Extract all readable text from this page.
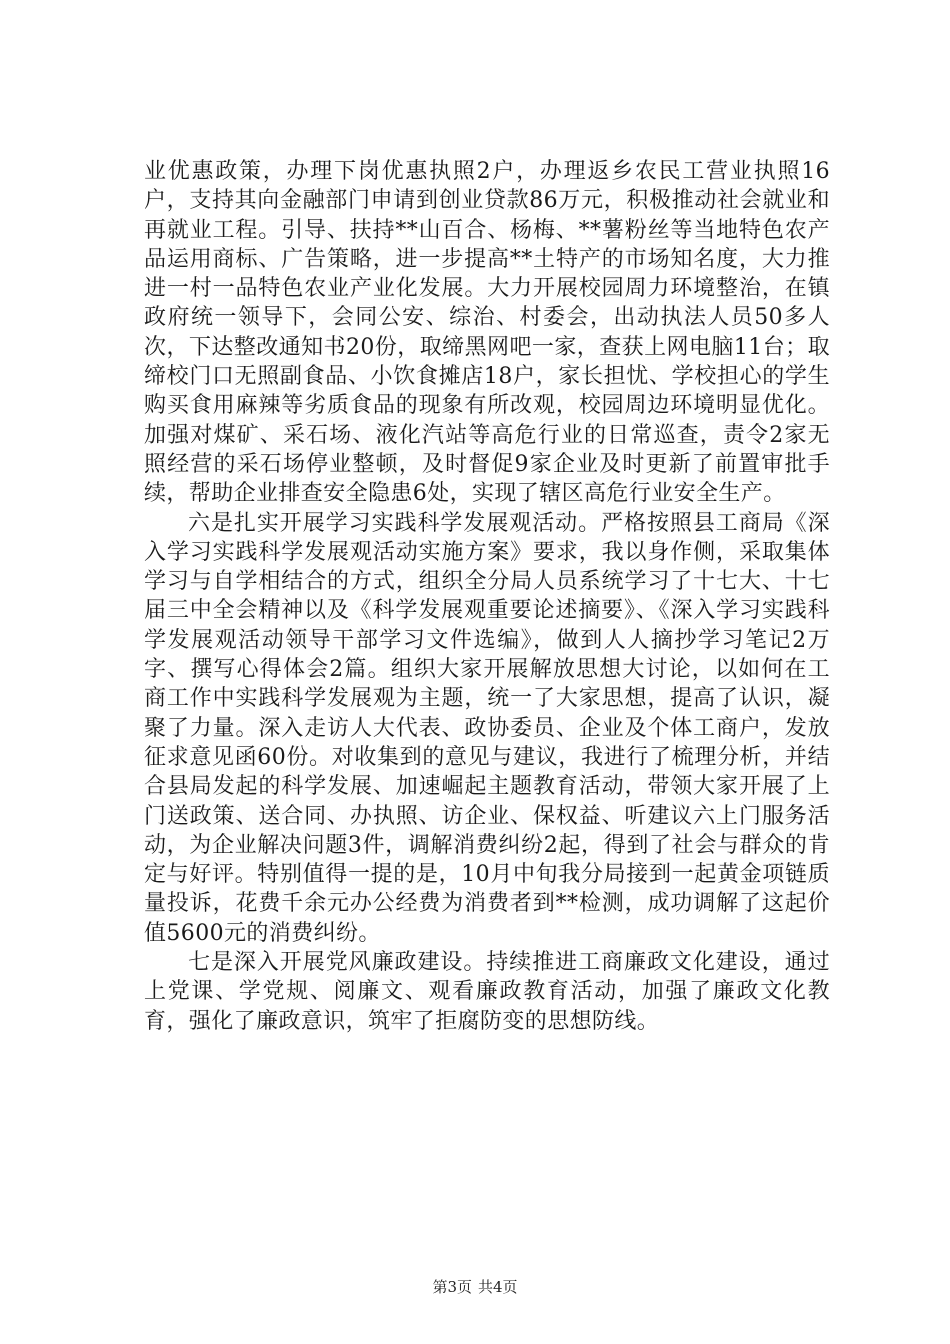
业优惠政策，办理下岗优惠执照2户，办理返乡农民工营业执照16户，支持其向金融部门申请到创业贷款86万元，积极推动社会就业和再就业工程。引导、扶持**山百合、杨梅、**薯粉丝等当地特色农产品运用商标、广告策略，进一步提高**土特产的市场知名度，大力推进一村一品特色农业产业化发展。大力开展校园周力环境整治，在镇政府统一领导下，会同公安、综治、村委会，出动执法人员50多人次，下达整改通知书20份，取缔黑网吧一家，查获上网电脑11台；取缔校门口无照副食品、小饮食摊店18户，家长担忧、学校担心的学生购买食用麻辣等劣质食品的现象有所改观，校园周边环境明显优化。加强对煤矿、采石场、液化汽站等高危行业的日常巡查，责令2家无照经营的采石场停业整顿，及时督促9家企业及时更新了前置审批手续，帮助企业排查安全隐患6处，实现了辖区高危行业安全生产。

六是扎实开展学习实践科学发展观活动。严格按照县工商局《深入学习实践科学发展观活动实施方案》要求，我以身作侧，采取集体学习与自学相结合的方式，组织全分局人员系统学习了十七大、十七届三中全会精神以及《科学发展观重要论述摘要》、《深入学习实践科学发展观活动领导干部学习文件选编》，做到人人摘抄学习笔记2万字、撰写心得体会2篇。组织大家开展解放思想大讨论，以如何在工商工作中实践科学发展观为主题，统一了大家思想，提高了认识，凝聚了力量。深入走访人大代表、政协委员、企业及个体工商户，发放征求意见函60份。对收集到的意见与建议，我进行了梳理分析，并结合县局发起的科学发展、加速崛起主题教育活动，带领大家开展了上门送政策、送合同、办执照、访企业、保权益、听建议六上门服务活动，为企业解决问题3件，调解消费纠纷2起，得到了社会与群众的肯定与好评。特别值得一提的是，10月中旬我分局接到一起黄金项链质量投诉，花费千余元办公经费为消费者到**检测，成功调解了这起价值5600元的消费纠纷。

七是深入开展党风廉政建设。持续推进工商廉政文化建设，通过上党课、学党规、阅廉文、观看廉政教育活动，加强了廉政文化教育，强化了廉政意识，筑牢了拒腐防变的思想防线。

第3页 共4页
